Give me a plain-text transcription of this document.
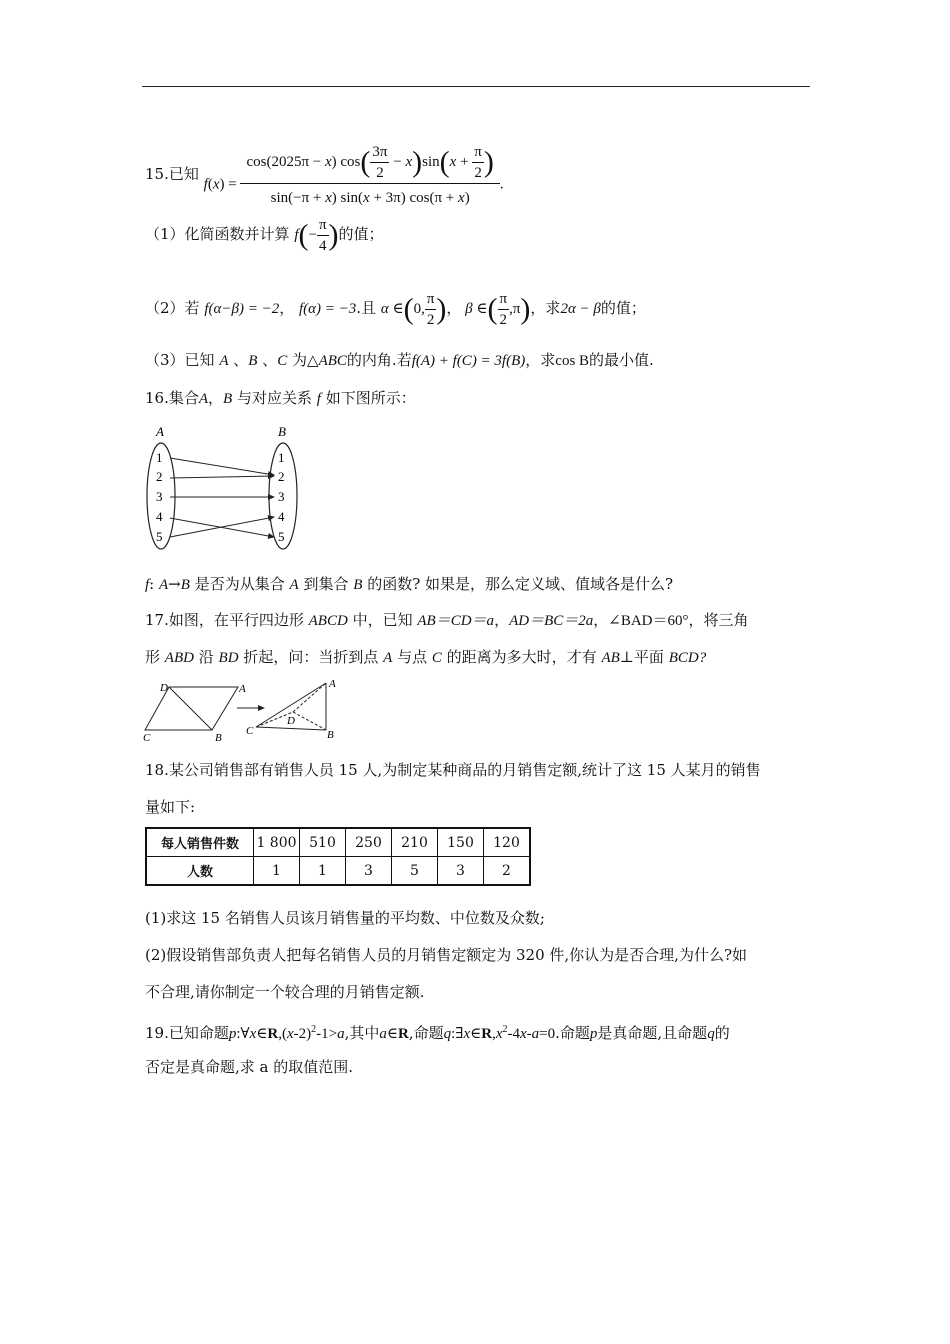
15.已知 $f(x) = \frac{\cos(2025\pi - x) \cos( \frac{3\pi}{2} - x)\sin(x + \frac{\pi}{2} )}{\sin(-\pi + x) \sin(x + 3\pi) \cos(\pi + x)}$ .
（1）化简函数并计算 $f(- \frac{\pi}{4}$ )的值；
（2）若 f(α−β) = −2， f(α) = −3.且 α ∈(0, $\frac{\pi}{2}$ )， β ∈( $\frac{\pi}{2} ,\pi$)，求2α − β的值；
（3）已知 A 、B 、C 为△ABC的内角.若f(A) + f(C) = 3f(B)，求cos B的最小值.
16.集合A，B 与对应关系 f 如下图所示：
A	B
1
2
3
4
5
1
2
3
4
5
f: A→B 是否为从集合 A 到集合 B 的函数? 如果是，那么定义域、值域各是什么?
17.如图，在平行四边形 ABCD 中，已知 AB＝CD＝a，AD＝BC＝2a，∠BAD＝60°，将三角
形 ABD 沿 BD 折起，问：当折到点 A 与点 C 的距离为多大时，才有 AB⊥平面 BCD?
D	A
C	B
A
C
D
B
18.某公司销售部有销售人员 15 人,为制定某种商品的月销售定额,统计了这 15 人某月的销售
量如下:
每人销售件数	1 800	510	250	210	150	120
人数	1	1	3	5	3	2
(1)求这 15 名销售人员该月销售量的平均数、中位数及众数;
(2)假设销售部负责人把每名销售人员的月销售定额定为 320 件,你认为是否合理,为什么?如
不合理,请你制定一个较合理的月销售定额.
19.已知命题$p:\forall x\in R,(x-2)^2-1>a$,其中a∈R,命题$q:\exists x\in R,x^2-4x-a=0$.命题p是真命题,且命题q的
否定是真命题,求 a 的取值范围.
